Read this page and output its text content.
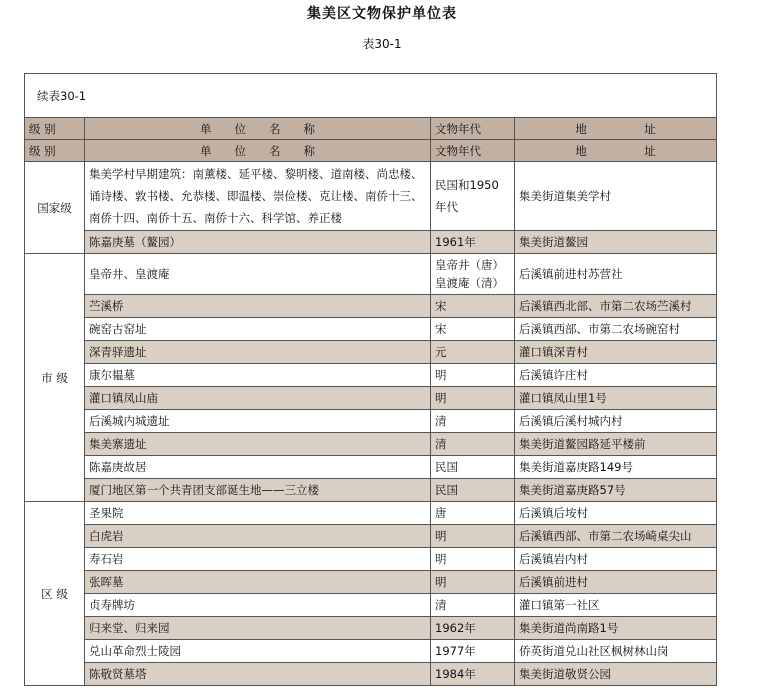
集美区文物保护单位表
表30-1
续表30-1			
级 别	单　　位　　名　　称	文物年代	地　　　　　址
级 别	单　　位　　名　　称	文物年代	地　　　　　址
国家级	集美学村早期建筑：南薰楼、延平楼、黎明楼、道南楼、尚忠楼、诵诗楼、敦书楼、允恭楼、即温楼、崇俭楼、克让楼、南侨十三、南侨十四、南侨十五、南侨十六、科学馆、养正楼	民国和1950年代	集美街道集美学村
	陈嘉庚墓（鳌园）	1961年	集美街道鳌园
市 级	皇帝井、皇渡庵	皇帝井（唐）皇渡庵（清）	后溪镇前进村苏营社
	苎溪桥	宋	后溪镇西北部、市第二农场苎溪村
	碗窑古窑址	宋	后溪镇西部、市第二农场碗窑村
	深青驿遗址	元	灌口镇深青村
	康尔韫墓	明	后溪镇许庄村
	灌口镇凤山庙	明	灌口镇凤山里1号
	后溪城内城遗址	清	后溪镇后溪村城内村
	集美寨遗址	清	集美街道鳌园路延平楼前
	陈嘉庚故居	民国	集美街道嘉庚路149号
	厦门地区第一个共青团支部诞生地——三立楼	民国	集美街道嘉庚路57号
区 级	圣果院	唐	后溪镇后垵村
	白虎岩	明	后溪镇西部、市第二农场崎桌尖山
	寿石岩	明	后溪镇岩内村
	张晖墓	明	后溪镇前进村
	贞寿牌坊	清	灌口镇第一社区
	归来堂、归来园	1962年	集美街道尚南路1号
	兑山革命烈士陵园	1977年	侨英街道兑山社区枫树林山岗
	陈敬贤墓塔	1984年	集美街道敬贤公园
